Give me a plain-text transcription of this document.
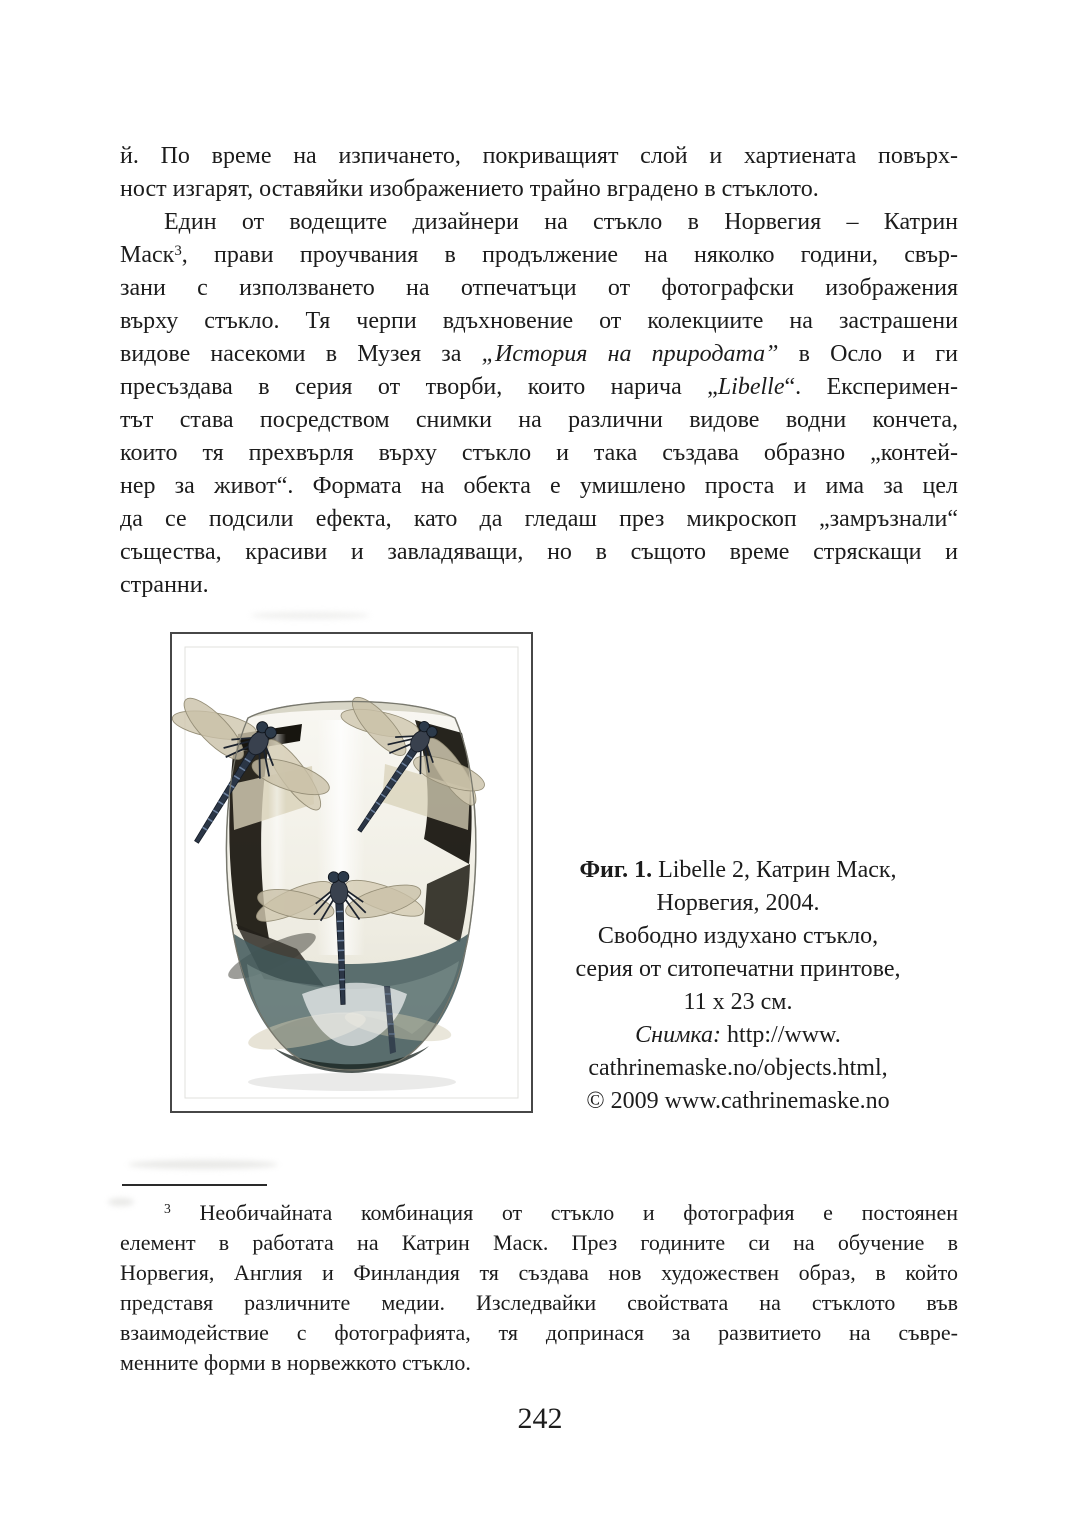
й. По време на изпичането, покриващият слой и хартиената повърх-
ност изгарят, оставяйки изображението трайно вградено в стъклото.
Един от водещите дизайнери на стъкло в Норвегия – Катрин
Маск$^3$, прави проучвания в продължение на няколко години, свър-
зани с използването на отпечатъци от фотографски изображения
върху стъкло. Тя черпи вдъхновение от колекциите на застрашени
видове насекоми в Музея за „История на природата” в Осло и ги
пресъздава в серия от творби, които нарича „Libelle“. Експеримен-
тът става посредством снимки на различни видове водни кончета,
които тя прехвърля върху стъкло и така създава образно „контей-
нер за живот“. Формата на обекта е умишлено проста и има за цел
да се подсили ефекта, като да гледаш през микроскоп „замръзнали“
същества, красиви и завладяващи, но в същото време стряскащи и
странни.
Фиг. 1. Libelle 2, Катрин Маск,
Норвегия, 2004.
Свободно издухано стъкло,
серия от ситопечатни принтове,
11 x 23 см.
Снимка: http://www.
cathrinemaske.no/objects.html,
© 2009 www.cathrinemaske.no
$^3$ Необичайната комбинация от стъкло и фотография е постоянен
елемент в работата на Катрин Маск. През годините си на обучение в
Норвегия, Англия и Финландия тя създава нов художествен образ, в който
представя различните медии. Изследвайки свойствата на стъклото във
взаимодействие с фотографията, тя допринася за развитието на съвре-
менните форми в норвежкото стъкло.
242
